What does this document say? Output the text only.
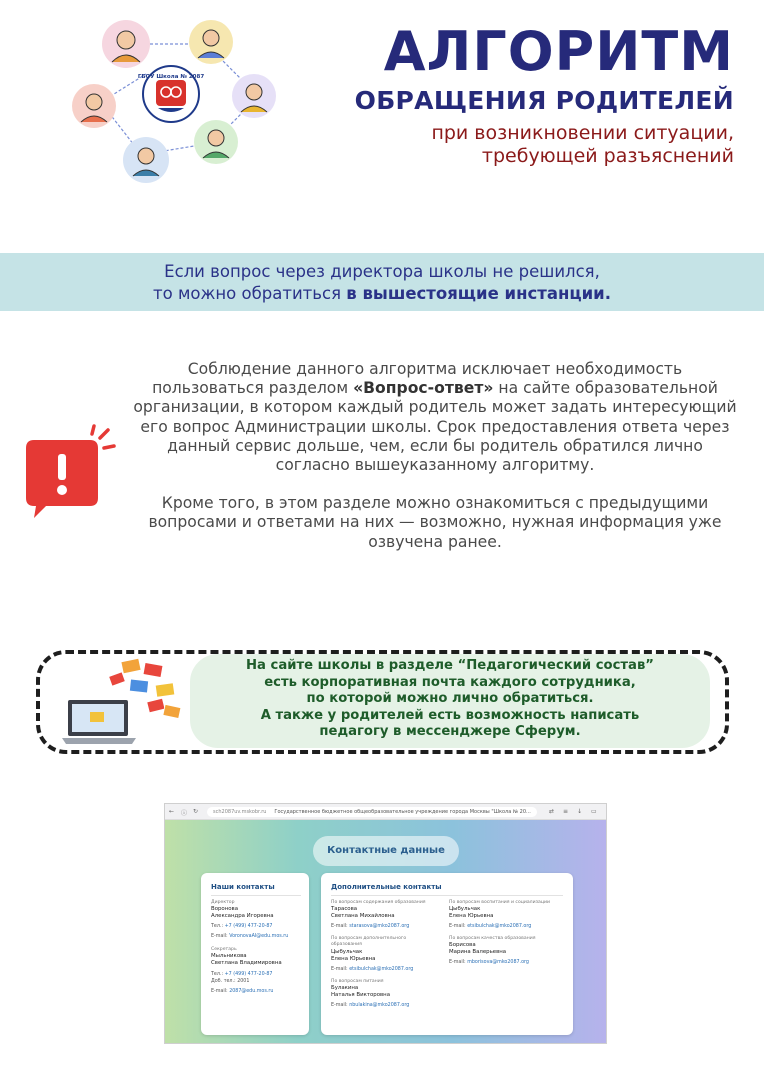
ГБОУ Школа № 2087	АЛГОРИТМ
ОБРАЩЕНИЯ РОДИТЕЛЕЙ
при возникновении ситуации,
требующей разъяснений
Если вопрос через директора школы не решился,
то можно обратиться в вышестоящие инстанции.

Соблюдение данного алгоритма исключает необходимость пользоваться разделом «Вопрос-ответ» на сайте образовательной организации, в котором каждый родитель может задать интересующий его вопрос Администрации школы. Срок предоставления ответа через данный сервис дольше, чем, если бы родитель обратился лично согласно вышеуказанному алгоритму.

Кроме того, в этом разделе можно ознакомиться с предыдущими вопросами и ответами на них — возможно, нужная информация уже озвучена ранее.

На сайте школы в разделе “Педагогический состав”
есть корпоративная почта каждого сотрудника,
по которой можно лично обратиться.
А также у родителей есть возможность написать
педагогу в мессенджере Сферум.
← ⓘ ↻	sch2087uv.mskobr.ru Государственное бюджетное общеобразовательное учреждение города Москвы "Школа № 20...	⇄ ≡ ↓ ▭
Контактные данные
Наши контакты
Директор
Воронова
Александра Игоревна
Тел.: +7 (499) 477-20-87
E-mail: VoronovaAI@edu.mos.ru
Секретарь
Мыльникова
Светлана Владимировна
Тел.: +7 (499) 477-20-87
Доб. тел.: 2001
E-mail: 2087@edu.mos.ru
Дополнительные контакты
По вопросам содержания образования
Тарасова
Светлана Михайловна
E-mail: starasova@mko2087.org
По вопросам дополнительного
образования
Цыбульчак
Елена Юрьевна
E-mail: etsibulchak@mko2087.org
По вопросам питания
Булакина
Наталья Викторовна
E-mail: nbulakina@mko2087.org
По вопросам воспитания и социализации
Цыбульчак
Елена Юрьевна
E-mail: etsibulchak@mko2087.org
По вопросам качества образования
Борисова
Марина Валерьевна
E-mail: mborisova@mko2087.org
